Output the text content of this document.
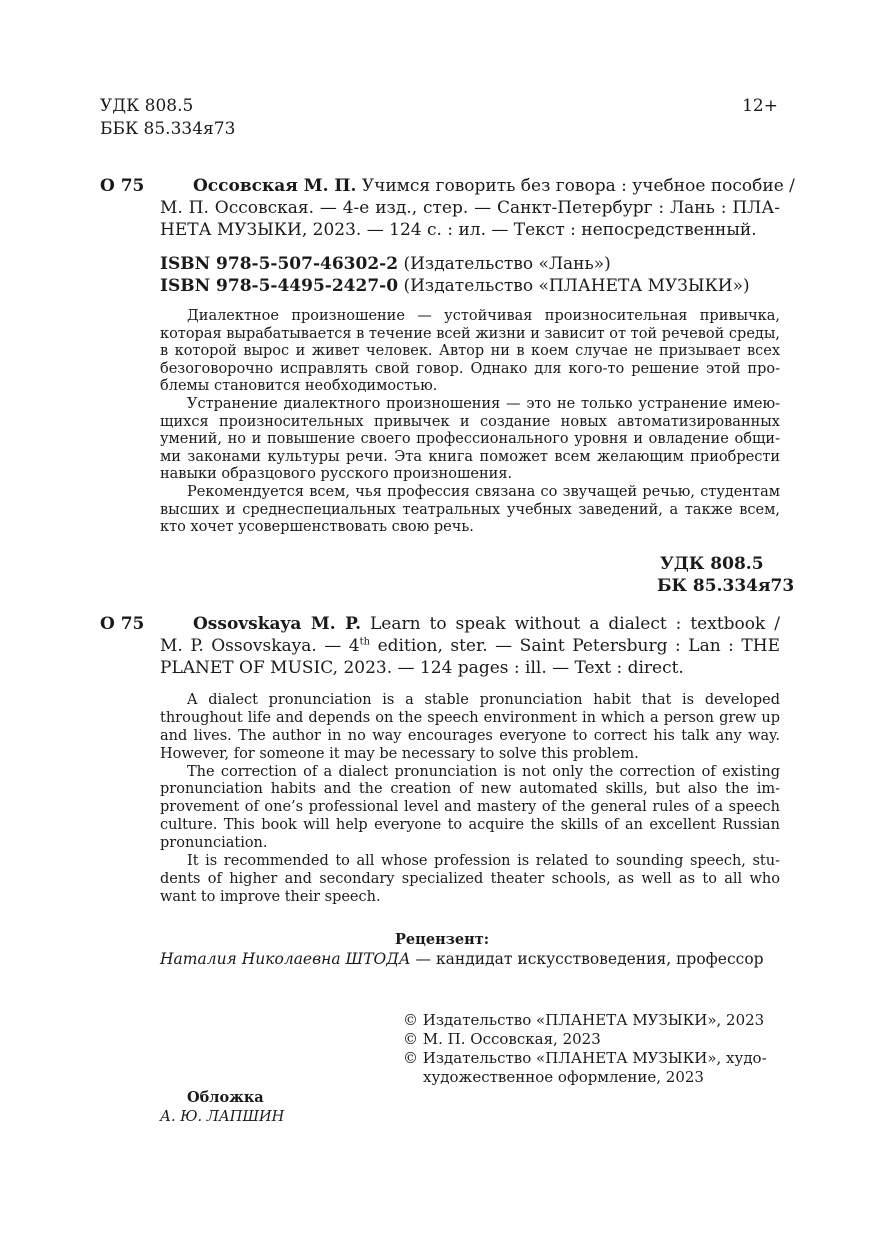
УДК 808.5
ББК 85.334я73
12+
О 75	Оссовская М. П. Учимся говорить без говора : учебное пособие /
М. П. Оссовская. — 4-е изд., стер. — Санкт-Петербург : Лань : ПЛА-
НЕТА МУЗЫКИ, 2023. — 124 с. : ил. — Текст : непосредственный.
ISBN 978-5-507-46302-2 (Издательство «Лань»)
ISBN 978-5-4495-2427-0 (Издательство «ПЛАНЕТА МУЗЫКИ»)
Диалектное произношение — устойчивая произносительная привычка,
которая вырабатывается в течение всей жизни и зависит от той речевой среды,
в которой вырос и живет человек. Автор ни в коем случае не призывает всех
безоговорочно исправлять свой говор. Однако для кого-то решение этой про-
блемы становится необходимостью.
Устранение диалектного произношения — это не только устранение имею-
щихся произносительных привычек и создание новых автоматизированных
умений, но и повышение своего профессионального уровня и овладение общи-
ми законами культуры речи. Эта книга поможет всем желающим приобрести
навыки образцового русского произношения.
Рекомендуется всем, чья профессия связана со звучащей речью, студентам
высших и среднеспециальных театральных учебных заведений, а также всем,
кто хочет усовершенствовать свою речь.
УДК 808.5
БК 85.334я73
О 75	Ossovskaya M. P. Learn to speak without a dialect : textbook /
M. P. Ossovskaya. — 4th edition, ster. — Saint Petersburg : Lan : THE
PLANET OF MUSIC, 2023. — 124 pages : ill. — Text : direct.
A dialect pronunciation is a stable pronunciation habit that is developed
throughout life and depends on the speech environment in which a person grew up
and lives. The author in no way encourages everyone to correct his talk any way.
However, for someone it may be necessary to solve this problem.
The correction of a dialect pronunciation is not only the correction of existing
pronunciation habits and the creation of new automated skills, but also the im-
provement of one’s professional level and mastery of the general rules of a speech
culture. This book will help everyone to acquire the skills of an excellent Russian
pronunciation.
It is recommended to all whose profession is related to sounding speech, stu-
dents of higher and secondary specialized theater schools, as well as to all who
want to improve their speech.
Рецензент:
Наталия Николаевна ШТОДА — кандидат искусствоведения, профессор
© Издательство «ПЛАНЕТА МУЗЫКИ», 2023
© М. П. Оссовская, 2023
© Издательство «ПЛАНЕТА МУЗЫКИ», худо-
художественное оформление, 2023
Обложка
А. Ю. ЛАПШИН
